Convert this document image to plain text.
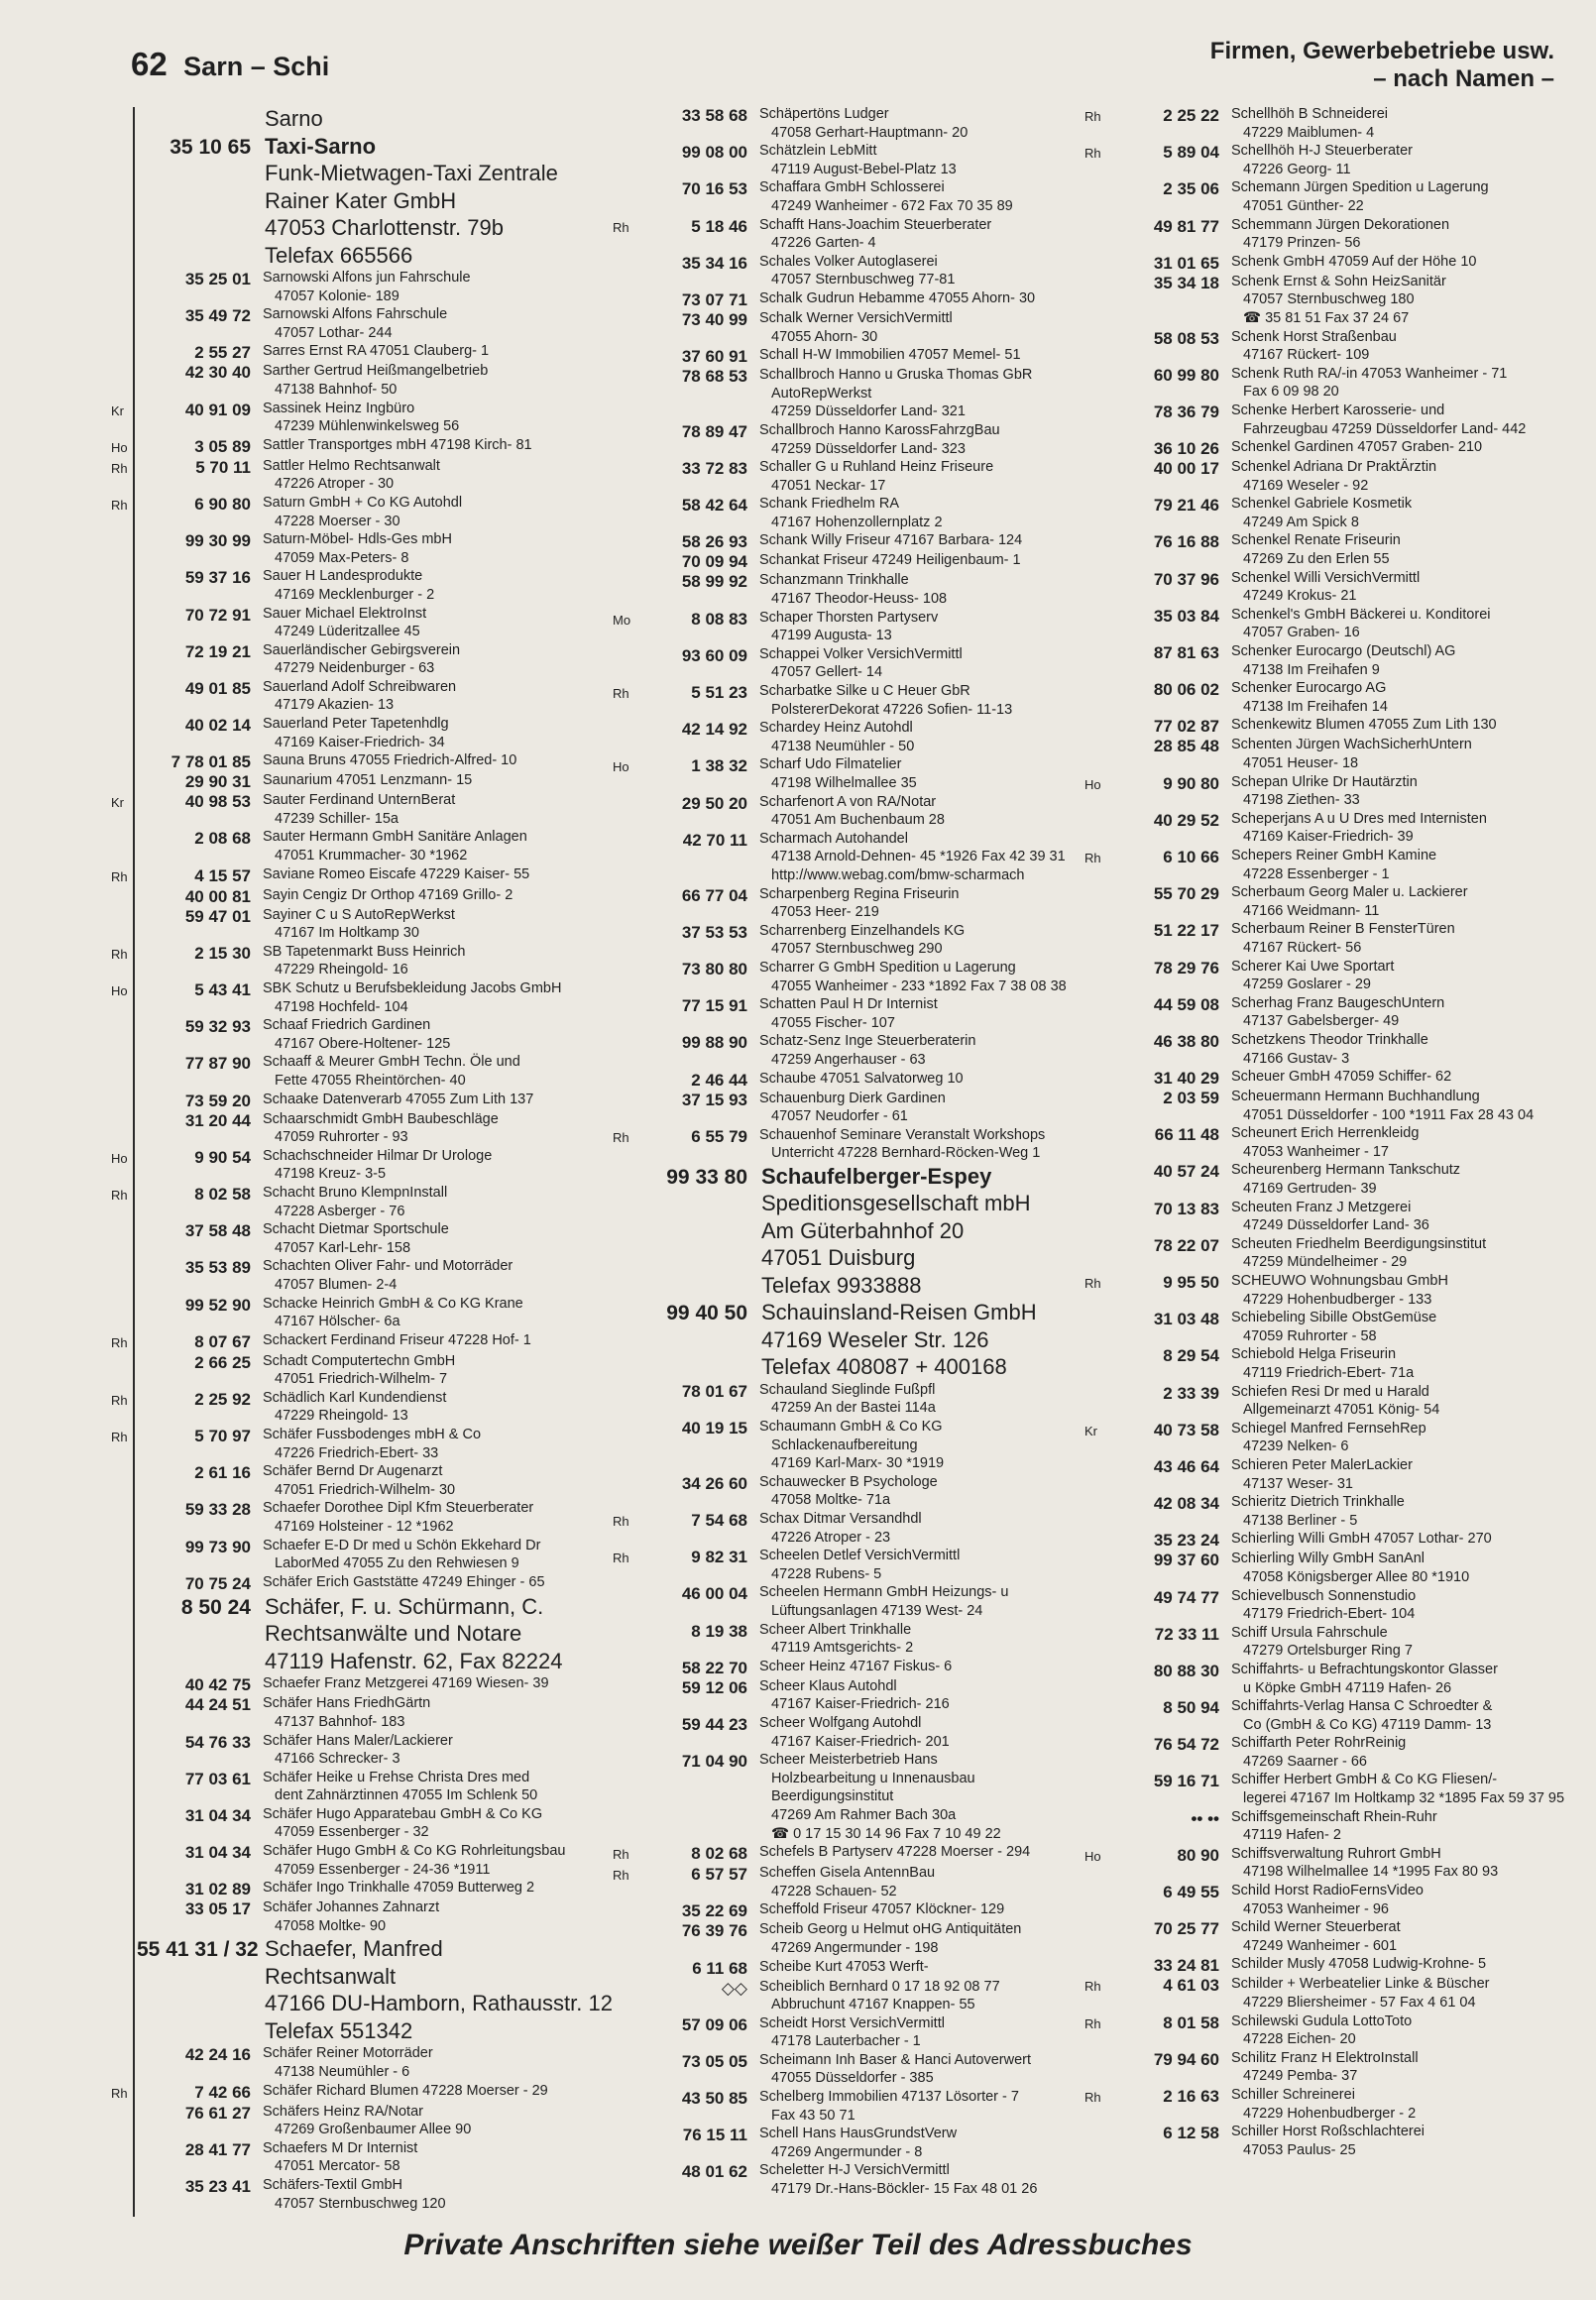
62 Sarn – Schi
Firmen, Gewerbebetriebe usw.
– nach Namen –
Sarno
35 10 65 Taxi-Sarno
Funk-Mietwagen-Taxi Zentrale
Rainer Kater GmbH
47053 Charlottenstr. 79b
Telefax 665566
35 25 01 Sarnowski Alfons jun Fahrschule
47057 Kolonie- 189
35 49 72 Sarnowski Alfons Fahrschule
47057 Lothar- 244
2 55 27 Sarres Ernst RA 47051 Clauberg- 1
42 30 40 Sarther Gertrud Heißmangelbetrieb
47138 Bahnhof- 50
Kr	40 91 09 Sassinek Heinz Ingbüro
47239 Mühlenwinkelsweg 56
Ho	3 05 89 Sattler Transportges mbH 47198 Kirch- 81
Rh	5 70 11 Sattler Helmo Rechtsanwalt
47226 Atroper - 30
Rh	6 90 80 Saturn GmbH + Co KG Autohdl
47228 Moerser - 30
99 30 99 Saturn-Möbel- Hdls-Ges mbH
47059 Max-Peters- 8
59 37 16 Sauer H Landesprodukte
47169 Mecklenburger - 2
70 72 91 Sauer Michael ElektroInst
47249 Lüderitzallee 45
72 19 21 Sauerländischer Gebirgsverein
47279 Neidenburger - 63
49 01 85 Sauerland Adolf Schreibwaren
47179 Akazien- 13
40 02 14 Sauerland Peter Tapetenhdlg
47169 Kaiser-Friedrich- 34
7 78 01 85 Sauna Bruns 47055 Friedrich-Alfred- 10
29 90 31 Saunarium 47051 Lenzmann- 15
Kr	40 98 53 Sauter Ferdinand UnternBerat
47239 Schiller- 15a
2 08 68 Sauter Hermann GmbH Sanitäre Anlagen
47051 Krummacher- 30 *1962
Rh	4 15 57 Saviane Romeo Eiscafe 47229 Kaiser- 55
40 00 81 Sayin Cengiz Dr Orthop 47169 Grillo- 2
59 47 01 Sayiner C u S AutoRepWerkst
47167 Im Holtkamp 30
Rh	2 15 30 SB Tapetenmarkt Buss Heinrich
47229 Rheingold- 16
Ho	5 43 41 SBK Schutz u Berufsbekleidung Jacobs GmbH
47198 Hochfeld- 104
59 32 93 Schaaf Friedrich Gardinen
47167 Obere-Holtener- 125
77 87 90 Schaaff & Meurer GmbH Techn. Öle und
Fette 47055 Rheintörchen- 40
73 59 20 Schaake Datenverarb 47055 Zum Lith 137
31 20 44 Schaarschmidt GmbH Baubeschläge
47059 Ruhrorter - 93
Ho	9 90 54 Schachschneider Hilmar Dr Urologe
47198 Kreuz- 3-5
Rh	8 02 58 Schacht Bruno KlempnInstall
47228 Asberger - 76
37 58 48 Schacht Dietmar Sportschule
47057 Karl-Lehr- 158
35 53 89 Schachten Oliver Fahr- und Motorräder
47057 Blumen- 2-4
99 52 90 Schacke Heinrich GmbH & Co KG Krane
47167 Hölscher- 6a
Rh	8 07 67 Schackert Ferdinand Friseur 47228 Hof- 1
2 66 25 Schadt Computertechn GmbH
47051 Friedrich-Wilhelm- 7
Rh	2 25 92 Schädlich Karl Kundendienst
47229 Rheingold- 13
Rh	5 70 97 Schäfer Fussbodenges mbH & Co
47226 Friedrich-Ebert- 33
2 61 16 Schäfer Bernd Dr Augenarzt
47051 Friedrich-Wilhelm- 30
59 33 28 Schaefer Dorothee Dipl Kfm Steuerberater
47169 Holsteiner - 12 *1962
99 73 90 Schaefer E-D Dr med u Schön Ekkehard Dr
LaborMed 47055 Zu den Rehwiesen 9
70 75 24 Schäfer Erich Gaststätte 47249 Ehinger - 65
8 50 24 Schäfer, F. u. Schürmann, C.
Rechtsanwälte und Notare
47119 Hafenstr. 62, Fax 82224
40 42 75 Schaefer Franz Metzgerei 47169 Wiesen- 39
44 24 51 Schäfer Hans FriedhGärtn
47137 Bahnhof- 183
54 76 33 Schäfer Hans Maler/Lackierer
47166 Schrecker- 3
77 03 61 Schäfer Heike u Frehse Christa Dres med
dent Zahnärztinnen 47055 Im Schlenk 50
31 04 34 Schäfer Hugo Apparatebau GmbH & Co KG
47059 Essenberger - 32
31 04 34 Schäfer Hugo GmbH & Co KG Rohrleitungsbau
47059 Essenberger - 24-36 *1911
31 02 89 Schäfer Ingo Trinkhalle 47059 Butterweg 2
33 05 17 Schäfer Johannes Zahnarzt
47058 Moltke- 90
55 41 31 / 32 Schaefer, Manfred
Rechtsanwalt
47166 DU-Hamborn, Rathausstr. 12
Telefax 551342
42 24 16 Schäfer Reiner Motorräder
47138 Neumühler - 6
Rh	7 42 66 Schäfer Richard Blumen 47228 Moerser - 29
76 61 27 Schäfers Heinz RA/Notar
47269 Großenbaumer Allee 90
28 41 77 Schaefers M Dr Internist
47051 Mercator- 58
35 23 41 Schäfers-Textil GmbH
47057 Sternbuschweg 120
33 58 68 Schäpertöns Ludger
47058 Gerhart-Hauptmann- 20
99 08 00 Schätzlein LebMitt
47119 August-Bebel-Platz 13
70 16 53 Schaffara GmbH Schlosserei
47249 Wanheimer - 672 Fax 70 35 89
Rh	5 18 46 Schafft Hans-Joachim Steuerberater
47226 Garten- 4
35 34 16 Schales Volker Autoglaserei
47057 Sternbuschweg 77-81
73 07 71 Schalk Gudrun Hebamme 47055 Ahorn- 30
73 40 99 Schalk Werner VersichVermittl
47055 Ahorn- 30
37 60 91 Schall H-W Immobilien 47057 Memel- 51
78 68 53 Schallbroch Hanno u Gruska Thomas GbR
AutoRepWerkst
47259 Düsseldorfer Land- 321
78 89 47 Schallbroch Hanno KarossFahrzgBau
47259 Düsseldorfer Land- 323
33 72 83 Schaller G u Ruhland Heinz Friseure
47051 Neckar- 17
58 42 64 Schank Friedhelm RA
47167 Hohenzollernplatz 2
58 26 93 Schank Willy Friseur 47167 Barbara- 124
70 09 94 Schankat Friseur 47249 Heiligenbaum- 1
58 99 92 Schanzmann Trinkhalle
47167 Theodor-Heuss- 108
Mo	8 08 83 Schaper Thorsten Partyserv
47199 Augusta- 13
93 60 09 Schappei Volker VersichVermittl
47057 Gellert- 14
Rh	5 51 23 Scharbatke Silke u C Heuer GbR
PolstererDekorat 47226 Sofien- 11-13
42 14 92 Schardey Heinz Autohdl
47138 Neumühler - 50
Ho	1 38 32 Scharf Udo Filmatelier
47198 Wilhelmallee 35
29 50 20 Scharfenort A von RA/Notar
47051 Am Buchenbaum 28
42 70 11 Scharmach Autohandel
47138 Arnold-Dehnen- 45 *1926 Fax 42 39 31
http://www.webag.com/bmw-scharmach
66 77 04 Scharpenberg Regina Friseurin
47053 Heer- 219
37 53 53 Scharrenberg Einzelhandels KG
47057 Sternbuschweg 290
73 80 80 Scharrer G GmbH Spedition u Lagerung
47055 Wanheimer - 233 *1892 Fax 7 38 08 38
77 15 91 Schatten Paul H Dr Internist
47055 Fischer- 107
99 88 90 Schatz-Senz Inge Steuerberaterin
47259 Angerhauser - 63
2 46 44 Schaube 47051 Salvatorweg 10
37 15 93 Schauenburg Dierk Gardinen
47057 Neudorfer - 61
Rh	6 55 79 Schauenhof Seminare Veranstalt Workshops
Unterricht 47228 Bernhard-Röcken-Weg 1
99 33 80 Schaufelberger-Espey
Speditionsgesellschaft mbH
Am Güterbahnhof 20
47051 Duisburg
Telefax 9933888
99 40 50 Schauinsland-Reisen GmbH
47169 Weseler Str. 126
Telefax 408087 + 400168
78 01 67 Schauland Sieglinde Fußpfl
47259 An der Bastei 114a
40 19 15 Schaumann GmbH & Co KG
Schlackenaufbereitung
47169 Karl-Marx- 30 *1919
34 26 60 Schauwecker B Psychologe
47058 Moltke- 71a
Rh	7 54 68 Schax Ditmar Versandhdl
47226 Atroper - 23
Rh	9 82 31 Scheelen Detlef VersichVermittl
47228 Rubens- 5
46 00 04 Scheelen Hermann GmbH Heizungs- u
Lüftungsanlagen 47139 West- 24
8 19 38 Scheer Albert Trinkhalle
47119 Amtsgerichts- 2
58 22 70 Scheer Heinz 47167 Fiskus- 6
59 12 06 Scheer Klaus Autohdl
47167 Kaiser-Friedrich- 216
59 44 23 Scheer Wolfgang Autohdl
47167 Kaiser-Friedrich- 201
71 04 90 Scheer Meisterbetrieb Hans
Holzbearbeitung u Innenausbau
Beerdigungsinstitut
47269 Am Rahmer Bach 30a
☎ 0 17 15 30 14 96 Fax 7 10 49 22
Rh	8 02 68 Schefels B Partyserv 47228 Moerser - 294
Rh	6 57 57 Scheffen Gisela AntennBau
47228 Schauen- 52
35 22 69 Scheffold Friseur 47057 Klöckner- 129
76 39 76 Scheib Georg u Helmut oHG Antiquitäten
47269 Angermunder - 198
6 11 68 Scheibe Kurt 47053 Werft-
◇◇ Scheiblich Bernhard 0 17 18 92 08 77
Abbruchunt 47167 Knappen- 55
57 09 06 Scheidt Horst VersichVermittl
47178 Lauterbacher - 1
73 05 05 Scheimann Inh Baser & Hanci Autoverwert
47055 Düsseldorfer - 385
43 50 85 Schelberg Immobilien 47137 Lösorter - 7
Fax 43 50 71
76 15 11 Schell Hans HausGrundstVerw
47269 Angermunder - 8
48 01 62 Scheletter H-J VersichVermittl
47179 Dr.-Hans-Böckler- 15 Fax 48 01 26
Rh	2 25 22 Schellhöh B Schneiderei
47229 Maiblumen- 4
Rh	5 89 04 Schellhöh H-J Steuerberater
47226 Georg- 11
2 35 06 Schemann Jürgen Spedition u Lagerung
47051 Günther- 22
49 81 77 Schemmann Jürgen Dekorationen
47179 Prinzen- 56
31 01 65 Schenk GmbH 47059 Auf der Höhe 10
35 34 18 Schenk Ernst & Sohn HeizSanitär
47057 Sternbuschweg 180
☎ 35 81 51 Fax 37 24 67
58 08 53 Schenk Horst Straßenbau
47167 Rückert- 109
60 99 80 Schenk Ruth RA/-in 47053 Wanheimer - 71
Fax 6 09 98 20
78 36 79 Schenke Herbert Karosserie- und
Fahrzeugbau 47259 Düsseldorfer Land- 442
36 10 26 Schenkel Gardinen 47057 Graben- 210
40 00 17 Schenkel Adriana Dr PraktÄrztin
47169 Weseler - 92
79 21 46 Schenkel Gabriele Kosmetik
47249 Am Spick 8
76 16 88 Schenkel Renate Friseurin
47269 Zu den Erlen 55
70 37 96 Schenkel Willi VersichVermittl
47249 Krokus- 21
35 03 84 Schenkel's GmbH Bäckerei u. Konditorei
47057 Graben- 16
87 81 63 Schenker Eurocargo (Deutschl) AG
47138 Im Freihafen 9
80 06 02 Schenker Eurocargo AG
47138 Im Freihafen 14
77 02 87 Schenkewitz Blumen 47055 Zum Lith 130
28 85 48 Schenten Jürgen WachSicherhUntern
47051 Heuser- 18
Ho	9 90 80 Schepan Ulrike Dr Hautärztin
47198 Ziethen- 33
40 29 52 Scheperjans A u U Dres med Internisten
47169 Kaiser-Friedrich- 39
Rh	6 10 66 Schepers Reiner GmbH Kamine
47228 Essenberger - 1
55 70 29 Scherbaum Georg Maler u. Lackierer
47166 Weidmann- 11
51 22 17 Scherbaum Reiner B FensterTüren
47167 Rückert- 56
78 29 76 Scherer Kai Uwe Sportart
47259 Goslarer - 29
44 59 08 Scherhag Franz BaugeschUntern
47137 Gabelsberger- 49
46 38 80 Schetzkens Theodor Trinkhalle
47166 Gustav- 3
31 40 29 Scheuer GmbH 47059 Schiffer- 62
2 03 59 Scheuermann Hermann Buchhandlung
47051 Düsseldorfer - 100 *1911 Fax 28 43 04
66 11 48 Scheunert Erich Herrenkleidg
47053 Wanheimer - 17
40 57 24 Scheurenberg Hermann Tankschutz
47169 Gertruden- 39
70 13 83 Scheuten Franz J Metzgerei
47249 Düsseldorfer Land- 36
78 22 07 Scheuten Friedhelm Beerdigungsinstitut
47259 Mündelheimer - 29
Rh	9 95 50 SCHEUWO Wohnungsbau GmbH
47229 Hohenbudberger - 133
31 03 48 Schiebeling Sibille ObstGemüse
47059 Ruhrorter - 58
8 29 54 Schiebold Helga Friseurin
47119 Friedrich-Ebert- 71a
2 33 39 Schiefen Resi Dr med u Harald
Allgemeinarzt 47051 König- 54
Kr	40 73 58 Schiegel Manfred FernsehRep
47239 Nelken- 6
43 46 64 Schieren Peter MalerLackier
47137 Weser- 31
42 08 34 Schieritz Dietrich Trinkhalle
47138 Berliner - 5
35 23 24 Schierling Willi GmbH 47057 Lothar- 270
99 37 60 Schierling Willy GmbH SanAnl
47058 Königsberger Allee 80 *1910
49 74 77 Schievelbusch Sonnenstudio
47179 Friedrich-Ebert- 104
72 33 11 Schiff Ursula Fahrschule
47279 Ortelsburger Ring 7
80 88 30 Schiffahrts- u Befrachtungskontor Glasser
u Köpke GmbH 47119 Hafen- 26
8 50 94 Schiffahrts-Verlag Hansa C Schroedter &
Co (GmbH & Co KG) 47119 Damm- 13
76 54 72 Schiffarth Peter RohrReinig
47269 Saarner - 66
59 16 71 Schiffer Herbert GmbH & Co KG Fliesen/-
legerei 47167 Im Holtkamp 32 *1895 Fax 59 37 95
•• •• Schiffsgemeinschaft Rhein-Ruhr
47119 Hafen- 2
Ho	80 90 Schiffsverwaltung Ruhrort GmbH
47198 Wilhelmallee 14 *1995 Fax 80 93
6 49 55 Schild Horst RadioFernsVideo
47053 Wanheimer - 96
70 25 77 Schild Werner Steuerberat
47249 Wanheimer - 601
33 24 81 Schilder Musly 47058 Ludwig-Krohne- 5
Rh	4 61 03 Schilder + Werbeatelier Linke & Büscher
47229 Bliersheimer - 57 Fax 4 61 04
Rh	8 01 58 Schilewski Gudula LottoToto
47228 Eichen- 20
79 94 60 Schilitz Franz H ElektroInstall
47249 Pemba- 37
Rh	2 16 63 Schiller Schreinerei
47229 Hohenbudberger - 2
6 12 58 Schiller Horst Roßschlachterei
47053 Paulus- 25
Private Anschriften siehe weißer Teil des Adressbuches
